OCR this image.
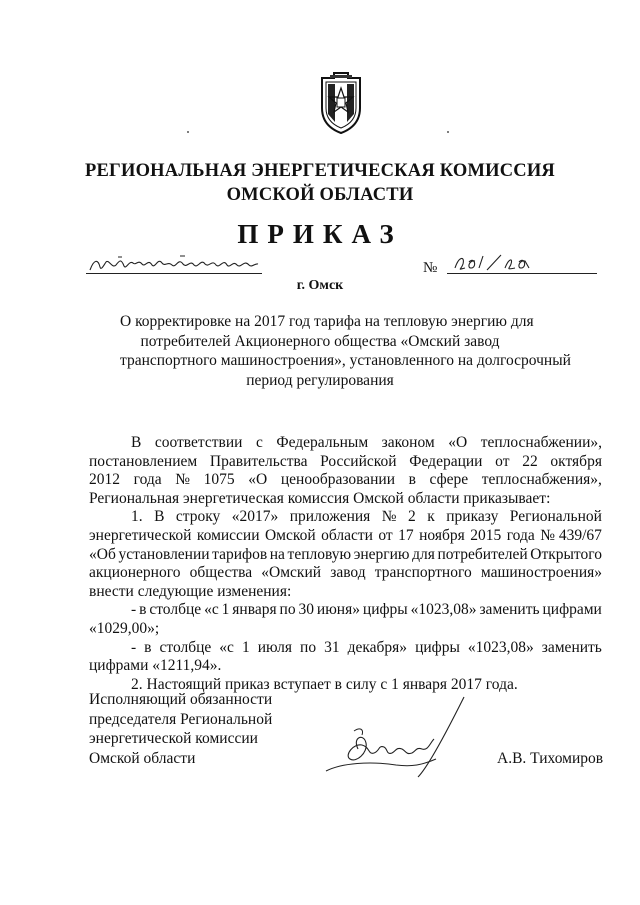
РЕГИОНАЛЬНАЯ ЭНЕРГЕТИЧЕСКАЯ КОМИССИЯ
ОМСКОЙ ОБЛАСТИ
ПРИКАЗ
№
г. Омск
О корректировке на 2017 год тарифа на тепловую энергию для
потребителей Акционерного общества «Омский завод
транспортного машиностроения», установленного на долгосрочный
период регулирования
В соответствии с Федеральным законом «О теплоснабжении»,
постановлением Правительства Российской Федерации от 22 октября
2012 года № 1075 «О ценообразовании в сфере теплоснабжения»,
Региональная энергетическая комиссия Омской области приказывает:
1. В строку «2017» приложения № 2 к приказу Региональной
энергетической комиссии Омской области от 17 ноября 2015 года № 439/67
«Об установлении тарифов на тепловую энергию для потребителей Открытого
акционерного общества «Омский завод транспортного машиностроения»
внести следующие изменения:
- в столбце «с 1 января по 30 июня» цифры «1023,08» заменить цифрами
«1029,00»;
- в столбце «с 1 июля по 31 декабря» цифры «1023,08» заменить
цифрами «1211,94».
2. Настоящий приказ вступает в силу с 1 января 2017 года.
Исполняющий обязанности
председателя Региональной
энергетической комиссии
Омской области	А.В. Тихомиров
